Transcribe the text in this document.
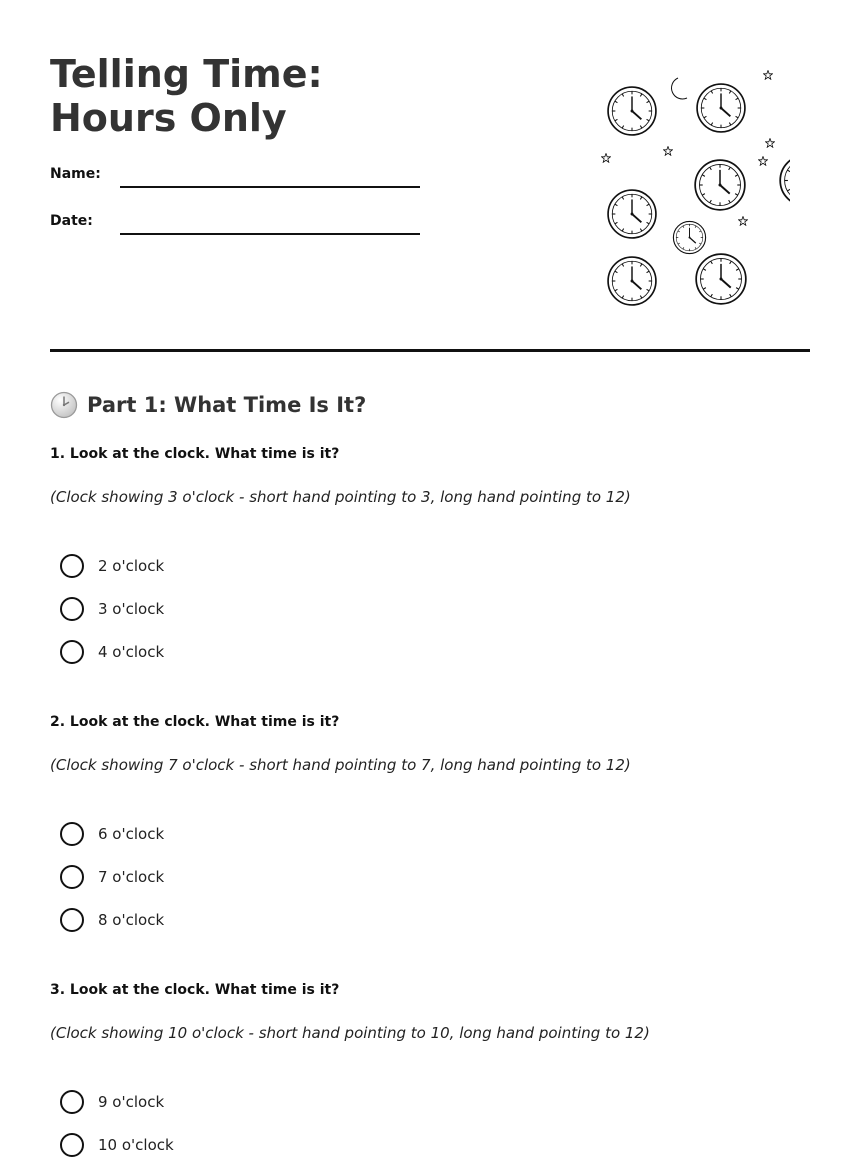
Telling Time: Hours Only
Name:
Date:
Part 1: What Time Is It?
1. Look at the clock. What time is it?
(Clock showing 3 o'clock - short hand pointing to 3, long hand pointing to 12)
2 o'clock
3 o'clock
4 o'clock
2. Look at the clock. What time is it?
(Clock showing 7 o'clock - short hand pointing to 7, long hand pointing to 12)
6 o'clock
7 o'clock
8 o'clock
3. Look at the clock. What time is it?
(Clock showing 10 o'clock - short hand pointing to 10, long hand pointing to 12)
9 o'clock
10 o'clock
